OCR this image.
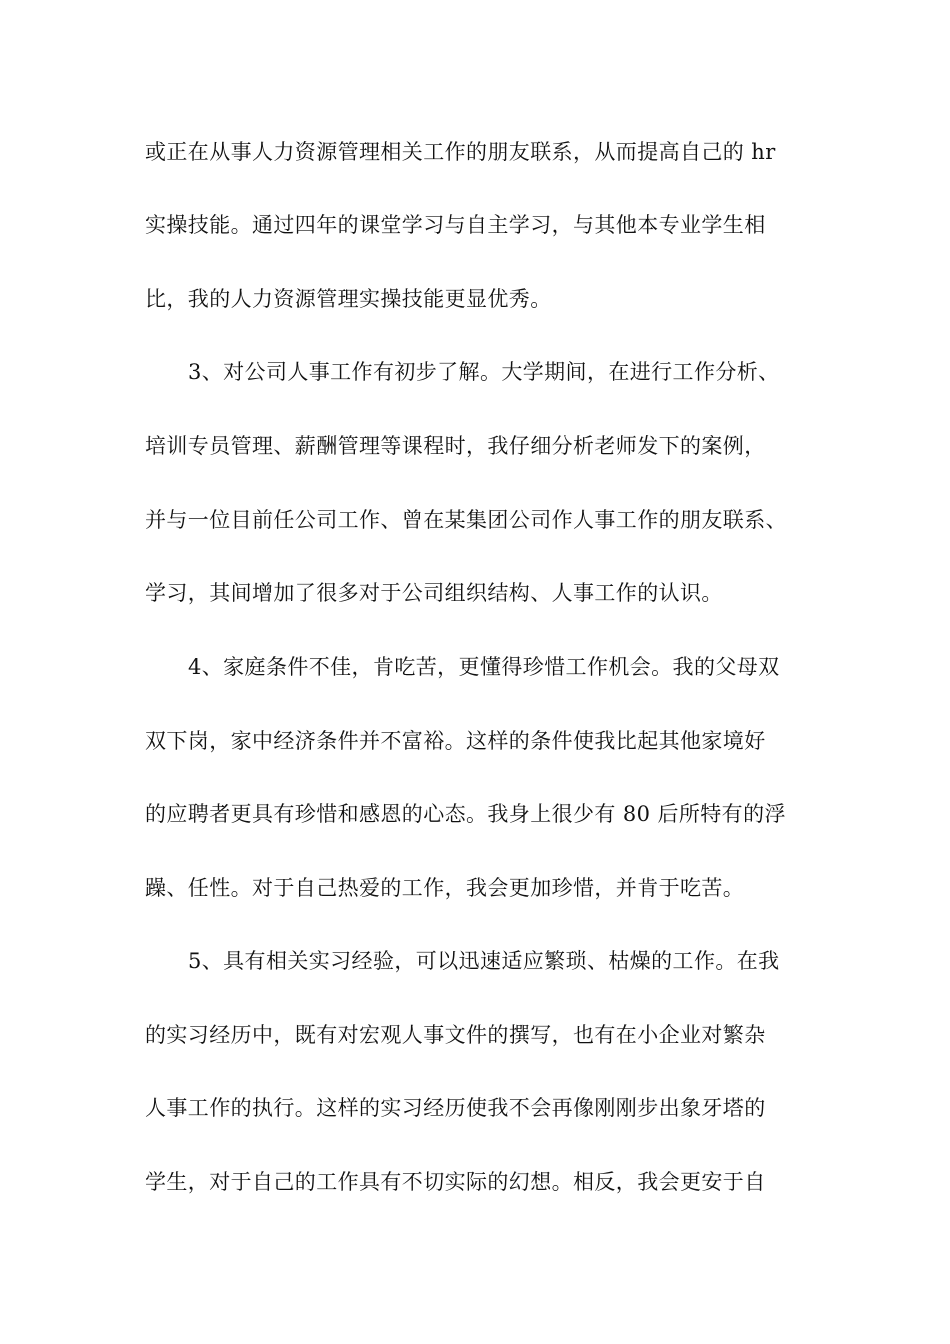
或正在从事人力资源管理相关工作的朋友联系，从而提高自己的 hr
实操技能。通过四年的课堂学习与自主学习，与其他本专业学生相
比，我的人力资源管理实操技能更显优秀。
3、对公司人事工作有初步了解。大学期间，在进行工作分析、
培训专员管理、薪酬管理等课程时，我仔细分析老师发下的案例，
并与一位目前任公司工作、曾在某集团公司作人事工作的朋友联系、
学习，其间增加了很多对于公司组织结构、人事工作的认识。
4、家庭条件不佳，肯吃苦，更懂得珍惜工作机会。我的父母双
双下岗，家中经济条件并不富裕。这样的条件使我比起其他家境好
的应聘者更具有珍惜和感恩的心态。我身上很少有 80 后所特有的浮
躁、任性。对于自己热爱的工作，我会更加珍惜，并肯于吃苦。
5、具有相关实习经验，可以迅速适应繁琐、枯燥的工作。在我
的实习经历中，既有对宏观人事文件的撰写，也有在小企业对繁杂
人事工作的执行。这样的实习经历使我不会再像刚刚步出象牙塔的
学生，对于自己的工作具有不切实际的幻想。相反，我会更安于自
